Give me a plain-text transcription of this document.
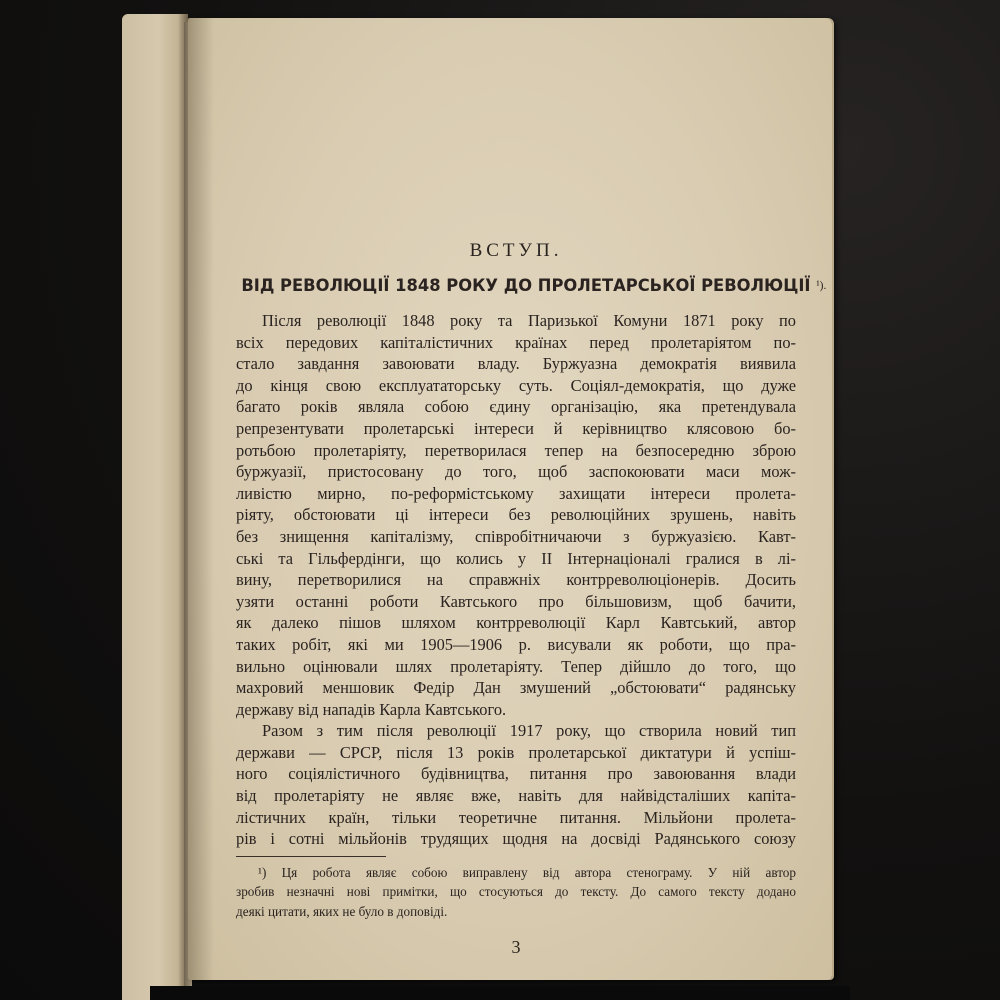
ВСТУП.
ВІД РЕВОЛЮЦІЇ 1848 РОКУ ДО ПРОЛЕТАРСЬКОЇ РЕВОЛЮЦІЇ ¹).
Після революції 1848 року та Паризької Комуни 1871 року по
всіх передових капіталістичних країнах перед пролетаріятом по-
стало завдання завоювати владу. Буржуазна демократія виявила
до кінця свою експлуататорську суть. Соціял-демократія, що дуже
багато років являла собою єдину організацію, яка претендувала
репрезентувати пролетарські інтереси й керівництво клясовою бо-
ротьбою пролетаріяту, перетворилася тепер на безпосередню зброю
буржуазії, пристосовану до того, щоб заспокоювати маси мож-
ливістю мирно, по-реформістському захищати інтереси пролета-
ріяту, обстоювати ці інтереси без революційних зрушень, навіть
без знищення капіталізму, співробітничаючи з буржуазією. Кавт-
ські та Гільфердінги, що колись у ІІ Інтернаціоналі гралися в лі-
вину, перетворилися на справжніх контрреволюціонерів. Досить
узяти останні роботи Кавтського про більшовизм, щоб бачити,
як далеко пішов шляхом контрреволюції Карл Кавтський, автор
таких робіт, які ми 1905—1906 р. висували як роботи, що пра-
вильно оцінювали шлях пролетаріяту. Тепер дійшло до того, що
махровий меншовик Федір Дан змушений „обстоювати“ радянську
державу від нападів Карла Кавтського.
Разом з тим після революції 1917 року, що створила новий тип
держави — СРСР, після 13 років пролетарської диктатури й успіш-
ного соціялістичного будівництва, питання про завоювання влади
від пролетаріяту не являє вже, навіть для найвідсталіших капіта-
лістичних країн, тільки теоретичне питання. Мільйони пролета-
рів і сотні мільйонів трудящих щодня на досвіді Радянського союзу
¹) Ця робота являє собою виправлену від автора стенограму. У ній автор
зробив незначні нові примітки, що стосуються до тексту. До самого тексту додано
деякі цитати, яких не було в доповіді.
3
